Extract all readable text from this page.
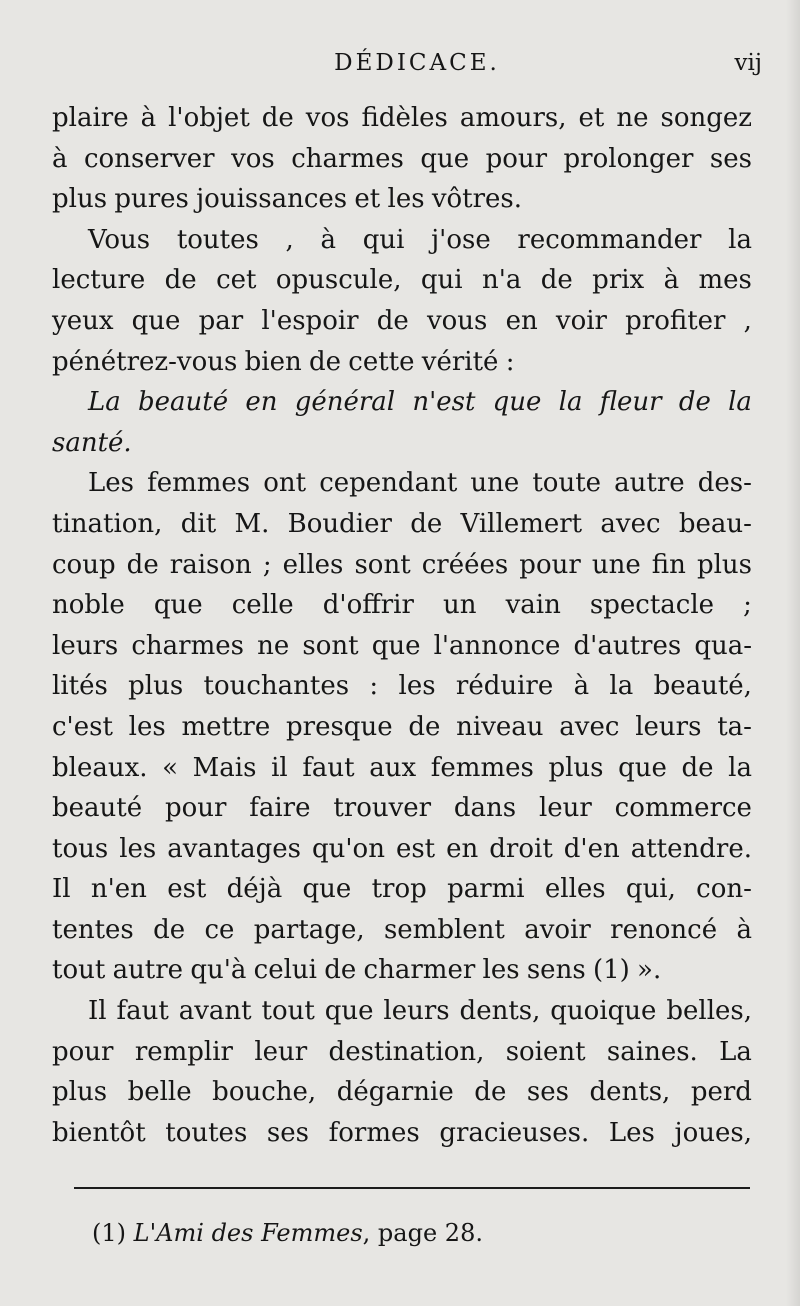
DÉDICACE.	vij
plaire à l'objet de vos fidèles amours, et ne songez
à conserver vos charmes que pour prolonger ses
plus pures jouissances et les vôtres.
Vous toutes , à qui j'ose recommander la
lecture de cet opuscule, qui n'a de prix à mes
yeux que par l'espoir de vous en voir profiter ,
pénétrez-vous bien de cette vérité :
La beauté en général n'est que la fleur de la
santé.
Les femmes ont cependant une toute autre des-
tination, dit M. Boudier de Villemert avec beau-
coup de raison ; elles sont créées pour une fin plus
noble que celle d'offrir un vain spectacle ;
leurs charmes ne sont que l'annonce d'autres qua-
lités plus touchantes : les réduire à la beauté,
c'est les mettre presque de niveau avec leurs ta-
bleaux. « Mais il faut aux femmes plus que de la
beauté pour faire trouver dans leur commerce
tous les avantages qu'on est en droit d'en attendre.
Il n'en est déjà que trop parmi elles qui, con-
tentes de ce partage, semblent avoir renoncé à
tout autre qu'à celui de charmer les sens (1) ».
Il faut avant tout que leurs dents, quoique belles,
pour remplir leur destination, soient saines. La
plus belle bouche, dégarnie de ses dents, perd
bientôt toutes ses formes gracieuses. Les joues,
(1) L'Ami des Femmes, page 28.
